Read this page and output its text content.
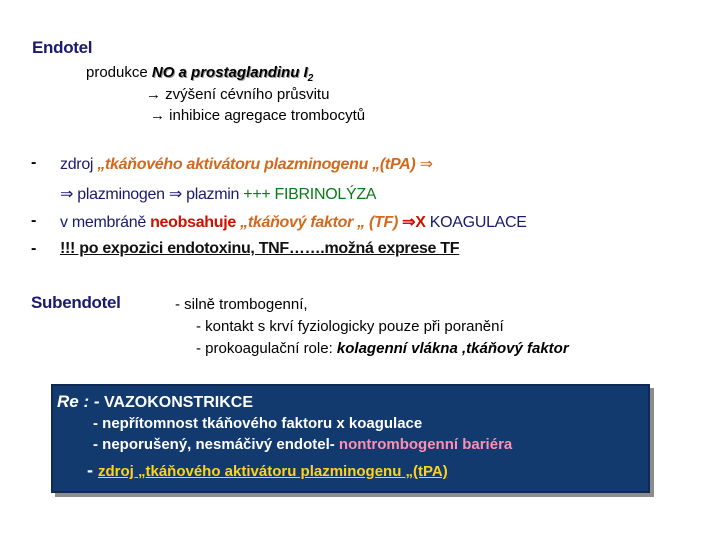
Endotel
produkce NO a prostaglandinu $I_2$
→ zvýšení cévního průsvitu
→ inhibice agregace trombocytů
- zdroj „tkáňového aktivátoru plazminogenu „(tPA) ⇒
⇒ plazminogen ⇒ plazmin +++ FIBRINOLÝZA
- v membráně neobsahuje „tkáňový faktor „ (TF) ⇒X KOAGULACE
- !!! po expozici endotoxinu, TNF…….možná exprese TF
Subendotel	- silně trombogenní,
- kontakt s krví fyziologicky pouze při poranění
- prokoagulační role: kolagenní vlákna ,tkáňový faktor
Re : - VAZOKONSTRIKCE
- nepřítomnost tkáňového faktoru x koagulace
- neporušený, nesmáčivý endotel- nontrombogenní bariéra
- zdroj „tkáňového aktivátoru plazminogenu „(tPA)
